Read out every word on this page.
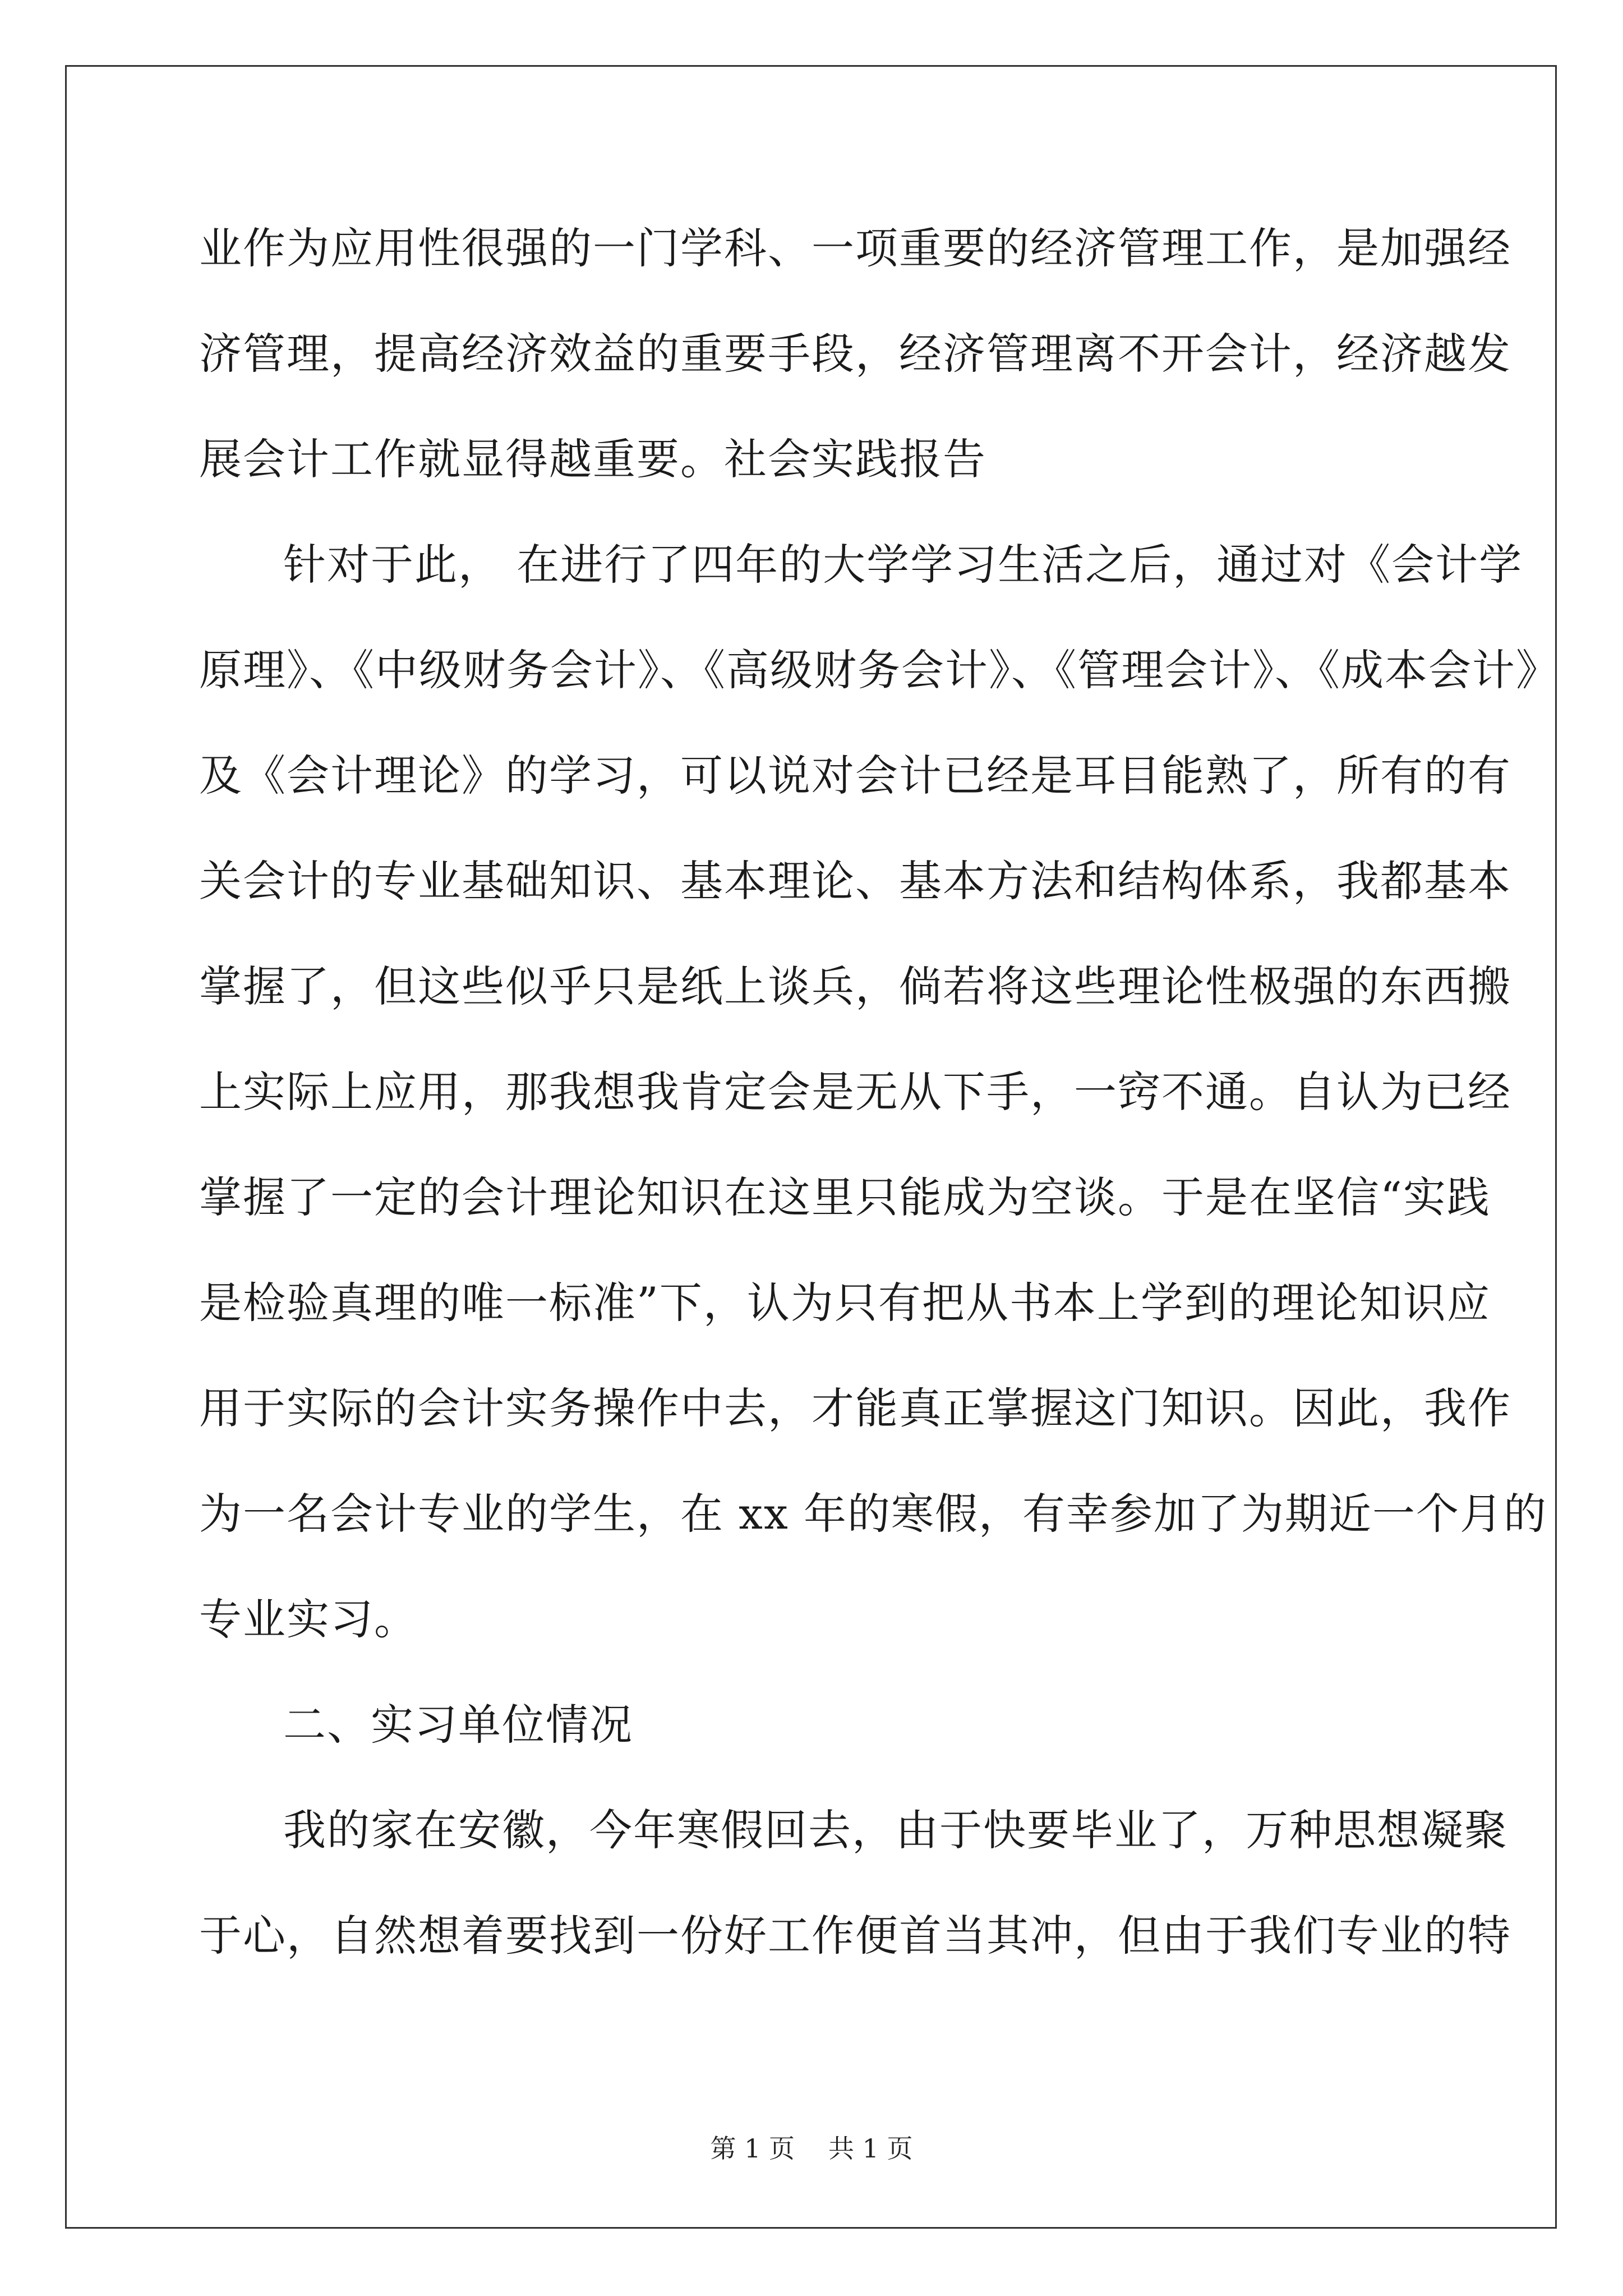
业作为应用性很强的一门学科、一项重要的经济管理工作，是加强经
济管理，提高经济效益的重要手段，经济管理离不开会计，经济越发
展会计工作就显得越重要。社会实践报告
针对于此， 在进行了四年的大学学习生活之后，通过对《会计学
原理》、《中级财务会计》、《高级财务会计》、《管理会计》、《成本会计》
及《会计理论》的学习，可以说对会计已经是耳目能熟了，所有的有
关会计的专业基础知识、基本理论、基本方法和结构体系，我都基本
掌握了，但这些似乎只是纸上谈兵，倘若将这些理论性极强的东西搬
上实际上应用，那我想我肯定会是无从下手，一窍不通。自认为已经
掌握了一定的会计理论知识在这里只能成为空谈。于是在坚信“实践
是检验真理的唯一标准”下，认为只有把从书本上学到的理论知识应
用于实际的会计实务操作中去，才能真正掌握这门知识。因此，我作
为一名会计专业的学生，在 xx 年的寒假，有幸参加了为期近一个月的
专业实习。
二、实习单位情况
我的家在安徽，今年寒假回去，由于快要毕业了，万种思想凝聚
于心，自然想着要找到一份好工作便首当其冲，但由于我们专业的特
第 1 页 共 1 页
